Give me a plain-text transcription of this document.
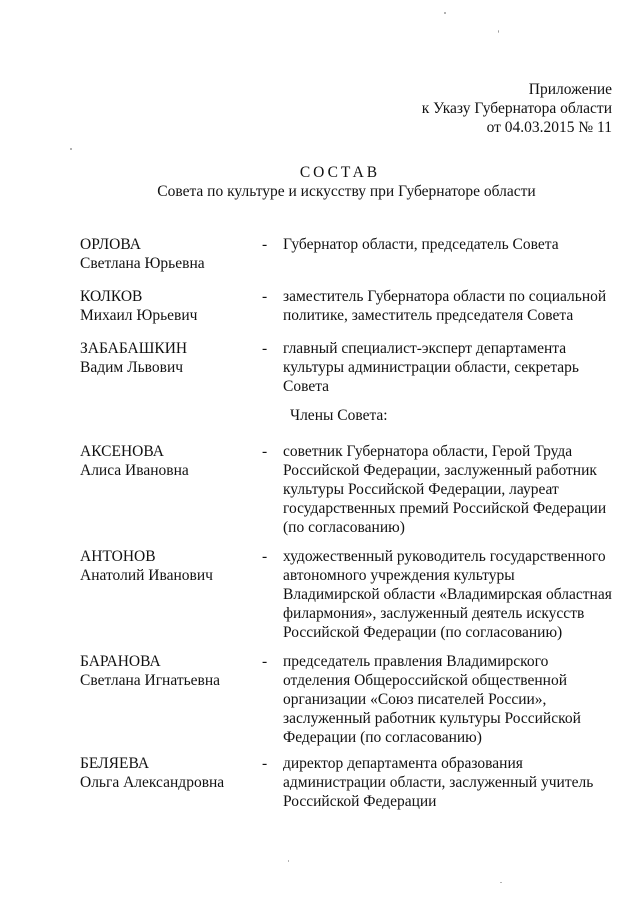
Приложение
к Указу Губернатора области
от 04.03.2015 № 11
СОСТАВ
Совета по культуре и искусству при Губернаторе области
ОРЛОВА
Светлана Юрьевна
- Губернатор области, председатель Совета
КОЛКОВ
Михаил Юрьевич
- заместитель Губернатора области по социальной политике, заместитель председателя Совета
ЗАБАБАШКИН
Вадим Львович
- главный специалист-эксперт департамента культуры администрации области, секретарь Совета
Члены Совета:
АКСЕНОВА
Алиса Ивановна
- советник Губернатора области, Герой Труда Российской Федерации, заслуженный работник культуры Российской Федерации, лауреат государственных премий Российской Федерации (по согласованию)
АНТОНОВ
Анатолий Иванович
- художественный руководитель государственного автономного учреждения культуры Владимирской области «Владимирская областная филармония», заслуженный деятель искусств Российской Федерации (по согласованию)
БАРАНОВА
Светлана Игнатьевна
- председатель правления Владимирского отделения Общероссийской общественной организации «Союз писателей России», заслуженный работник культуры Российской Федерации (по согласованию)
БЕЛЯЕВА
Ольга Александровна
- директор департамента образования администрации области, заслуженный учитель Российской Федерации
